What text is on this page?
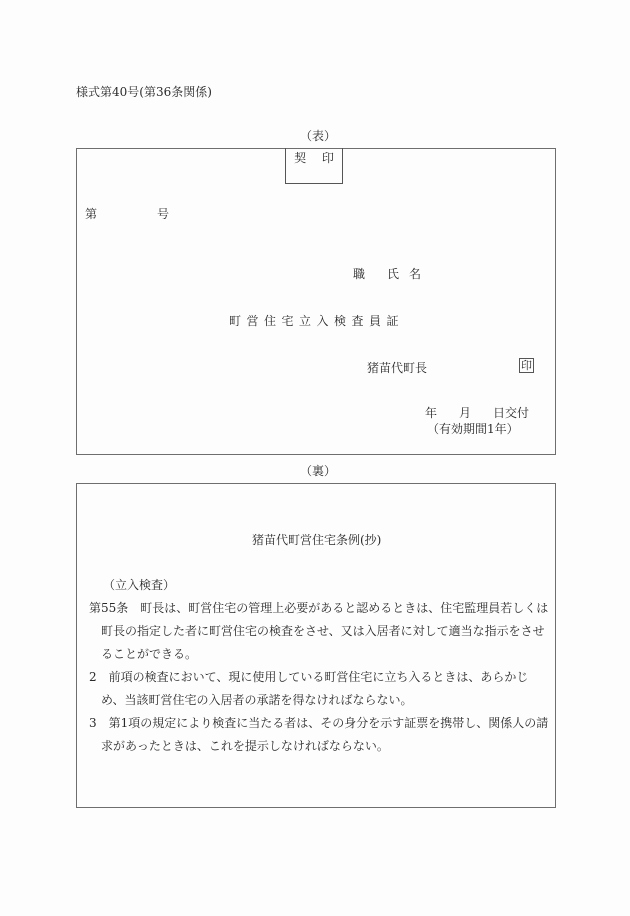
様式第40号(第36条関係)
（表）
契 印
第	号
職 氏 名
町営住宅立入検査員証
猪苗代町長	印
年 月 日交付
（有効期間1年）
（裏）
猪苗代町営住宅条例(抄)
（立入検査）
第55条　町長は、町営住宅の管理上必要があると認めるときは、住宅監理員若しくは
町長の指定した者に町営住宅の検査をさせ、又は入居者に対して適当な指示をさせ
ることができる。
2　前項の検査において、現に使用している町営住宅に立ち入るときは、あらかじ
め、当該町営住宅の入居者の承諾を得なければならない。
3　第1項の規定により検査に当たる者は、その身分を示す証票を携帯し、関係人の請
求があったときは、これを提示しなければならない。
